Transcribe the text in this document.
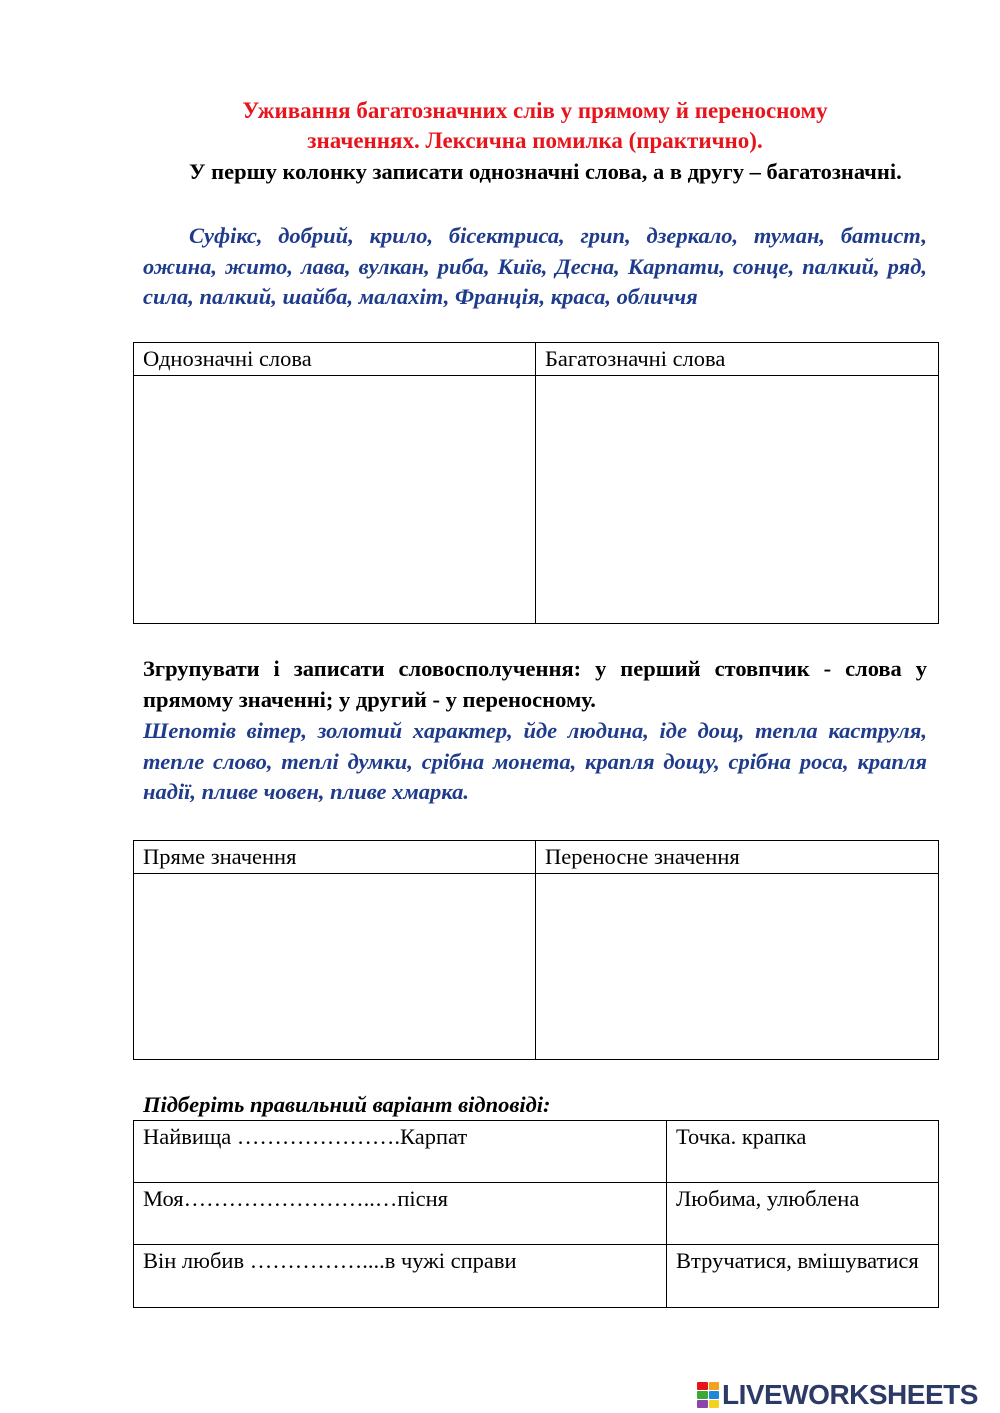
Уживання багатозначних слів у прямому й переносному
значеннях. Лексична помилка (практично).
У першу колонку записати однозначні слова, а в другу – багатозначні.
Суфікс, добрий, крило, бісектриса, грип, дзеркало, туман, батист, ожина, жито, лава, вулкан, риба, Київ, Десна, Карпати, сонце, палкий, ряд, сила, палкий, шайба, малахіт, Франція, краса, обличчя
Однозначні слова	Багатозначні слова

Згрупувати і записати словосполучення: у перший стовпчик - слова у прямому значенні; у другий - у переносному.
Шепотів вітер, золотий характер, йде людина, іде дощ, тепла каструля, тепле слово, теплі думки, срібна монета, крапля дощу, срібна роса, крапля надії, пливе човен, пливе хмарка.
Пряме значення	Переносне значення

Підберіть правильний варіант відповіді:
Найвища ………………….Карпат	Точка. крапка
Моя……………………..…пісня	Любима, улюблена
Він любив ……………....в чужі справи	Втручатися, вмішуватися
LIVEWORKSHEETS
